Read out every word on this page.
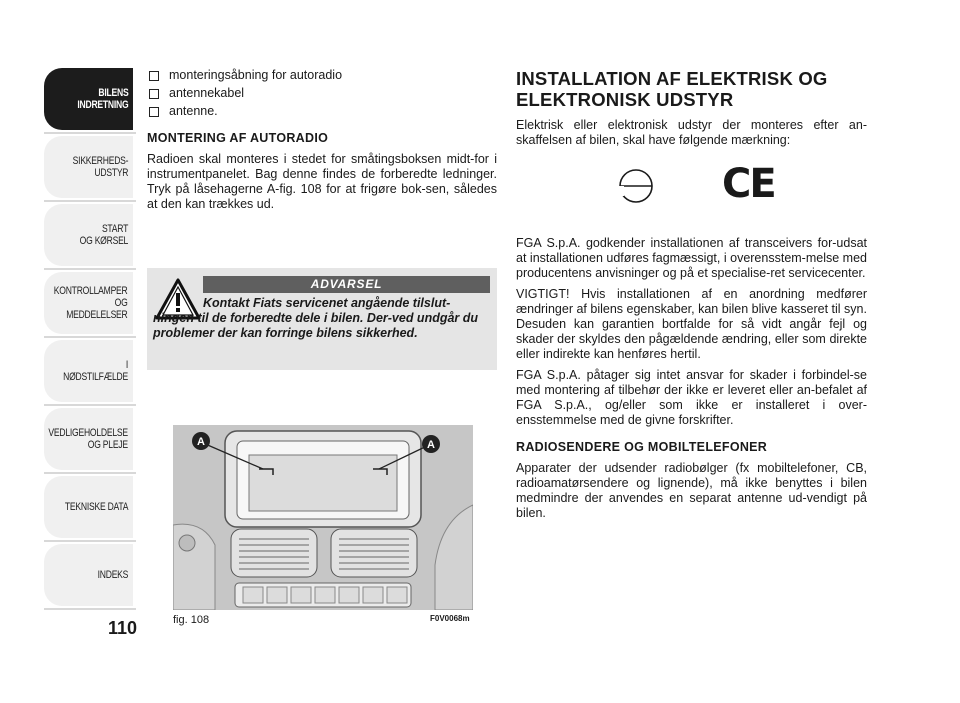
BILENS
INDRETNING
SIKKERHEDS-
UDSTYR
START
OG KØRSEL
KONTROLLAMPER
OG MEDDELELSER
I NØDSTILFÆLDE
VEDLIGEHOLDELSE
OG PLEJE
TEKNISKE DATA
INDEKS
110
monteringsåbning for autoradio
antennekabel
antenne.
MONTERING AF AUTORADIO

Radioen skal monteres i stedet for småtingsboksen midt-for i instrumentpanelet. Bag denne findes de forberedte ledninger. Tryk på låsehagerne A-fig. 108 for at frigøre bok-sen, således at den kan trækkes ud.

ADVARSEL
Kontakt Fiats servicenet angående tilslut-ningen til de forberedte dele i bilen. Der-ved undgår du problemer der kan forringe bilens sikkerhed.
A	A
fig. 108	F0V0068m
INSTALLATION AF ELEKTRISK OG ELEKTRONISK UDSTYR

Elektrisk eller elektronisk udstyr der monteres efter an-skaffelsen af bilen, skal have følgende mærkning:

CE

FGA S.p.A. godkender installationen af transceivers for-udsat at installationen udføres fagmæssigt, i overensstem-melse med producentens anvisninger og på et specialise-ret servicecenter.

VIGTIGT! Hvis installationen af en anordning medfører ændringer af bilens egenskaber, kan bilen blive kasseret til syn. Desuden kan garantien bortfalde for så vidt angår fejl og skader der skyldes den pågældende ændring, eller som direkte eller indirekte kan henføres hertil.

FGA S.p.A. påtager sig intet ansvar for skader i forbindel-se med montering af tilbehør der ikke er leveret eller an-befalet af FGA S.p.A., og/eller som ikke er installeret i over-ensstemmelse med de givne forskrifter.

RADIOSENDERE OG MOBILTELEFONER

Apparater der udsender radiobølger (fx mobiltelefoner, CB, radioamatørsendere og lignende), må ikke benyttes i bilen medmindre der anvendes en separat antenne ud-vendigt på bilen.
